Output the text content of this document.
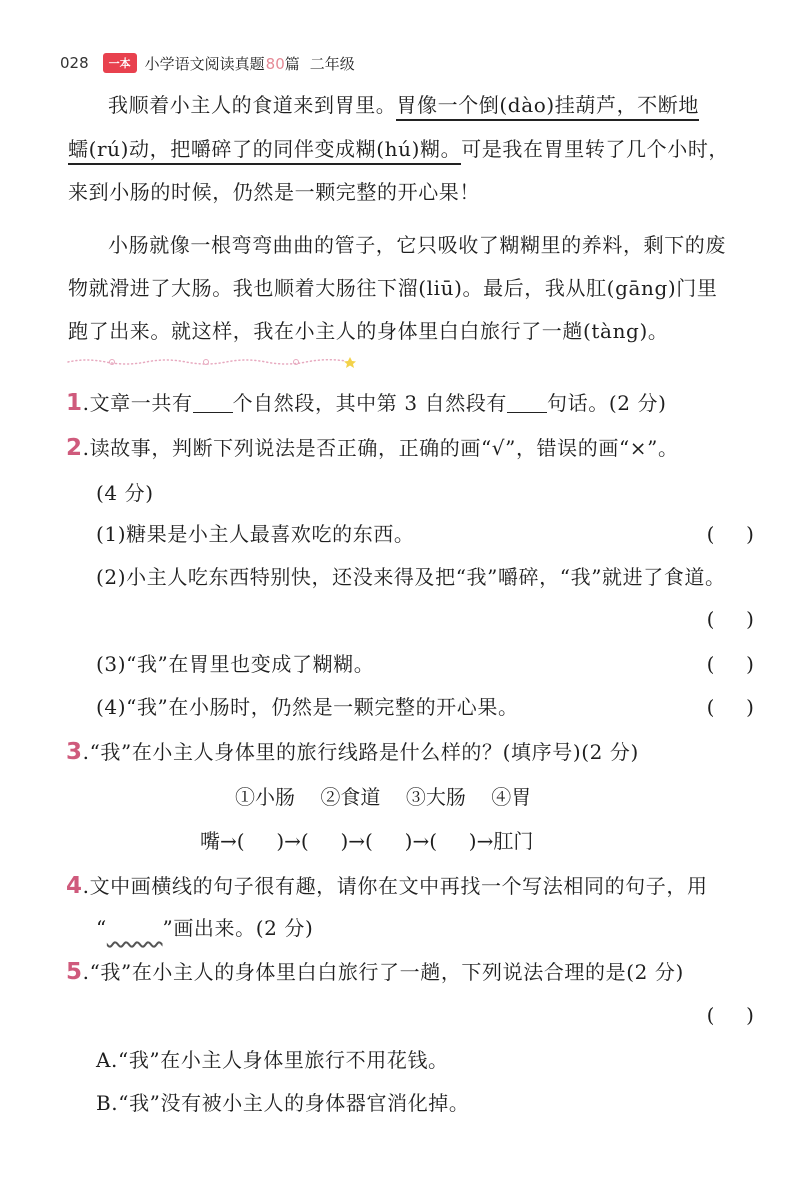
028	一本 小学语文阅读真题80篇 二年级
我顺着小主人的食道来到胃里。胃像一个倒(dào)挂葫芦，不断地
蠕(rú)动，把嚼碎了的同伴变成糊(hú)糊。可是我在胃里转了几个小时，
来到小肠的时候，仍然是一颗完整的开心果！
小肠就像一根弯弯曲曲的管子，它只吸收了糊糊里的养料，剩下的废
物就滑进了大肠。我也顺着大肠往下溜(liū)。最后，我从肛(gāng)门里
跑了出来。就这样，我在小主人的身体里白白旅行了一趟(tàng)。
1.文章一共有 个自然段，其中第 3 自然段有 句话。(2 分)
2.读故事，判断下列说法是否正确，正确的画“√”，错误的画“×”。
(4 分)
(1)糖果是小主人最喜欢吃的东西。	(     )
(2)小主人吃东西特别快，还没来得及把“我”嚼碎，“我”就进了食道。
(     )
(3)“我”在胃里也变成了糊糊。	(     )
(4)“我”在小肠时，仍然是一颗完整的开心果。	(     )
3.“我”在小主人身体里的旅行线路是什么样的？(填序号)(2 分)
①小肠    ②食道    ③大肠    ④胃
嘴→(     )→(     )→(     )→(     )→肛门
4.文中画横线的句子很有趣，请你在文中再找一个写法相同的句子，用
“	”画出来。(2 分)
5.“我”在小主人的身体里白白旅行了一趟，下列说法合理的是(2 分)
(     )
A.“我”在小主人身体里旅行不用花钱。
B.“我”没有被小主人的身体器官消化掉。
